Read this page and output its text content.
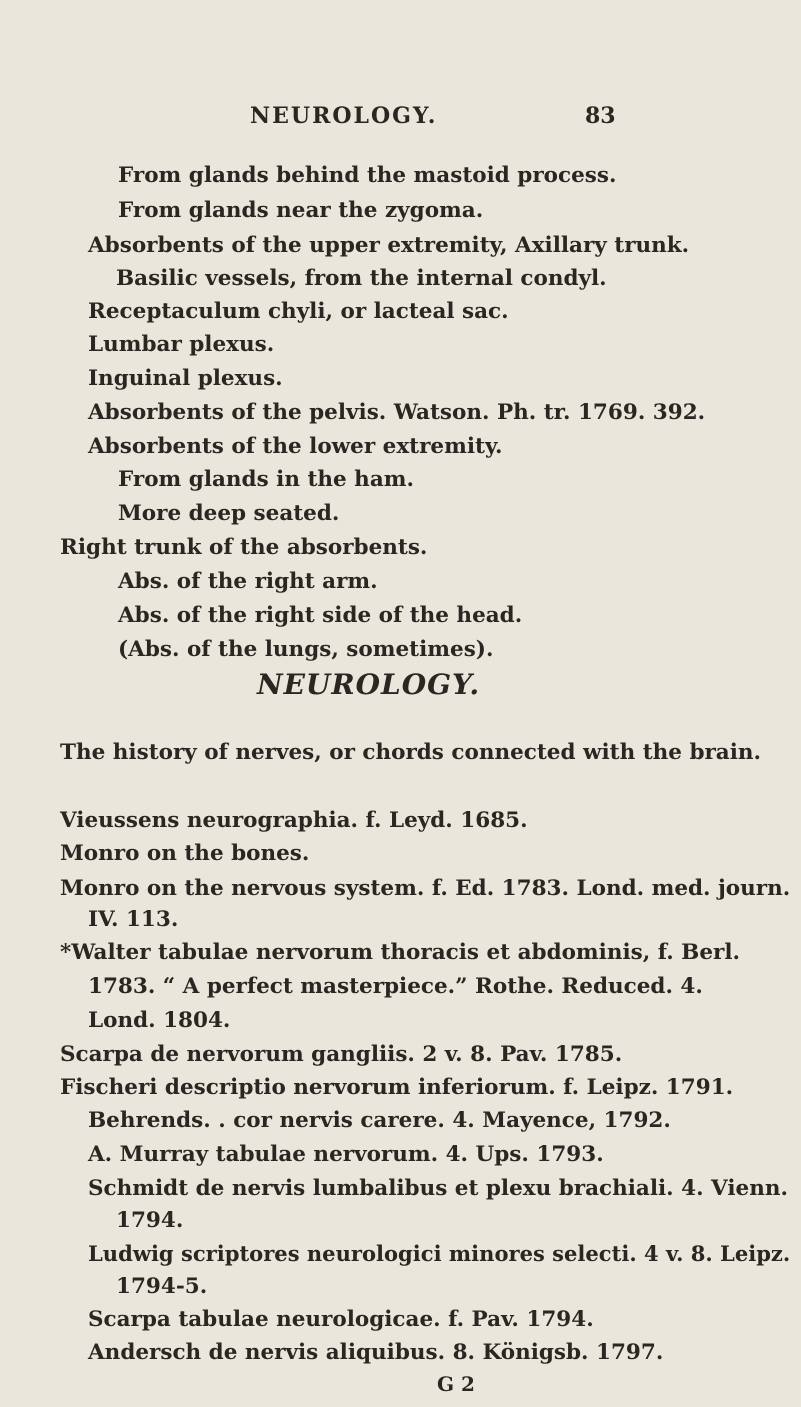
NEUROLOGY.	83
From glands behind the mastoid process.
From glands near the zygoma.
Absorbents of the upper extremity, Axillary trunk.
Basilic vessels, from the internal condyl.
Receptaculum chyli, or lacteal sac.
Lumbar plexus.
Inguinal plexus.
Absorbents of the pelvis. Watson. Ph. tr. 1769. 392.
Absorbents of the lower extremity.
From glands in the ham.
More deep seated.
Right trunk of the absorbents.
Abs. of the right arm.
Abs. of the right side of the head.
(Abs. of the lungs, sometimes).
NEUROLOGY.
The history of nerves, or chords connected with the brain.
Vieussens neurographia. f. Leyd. 1685.
Monro on the bones.
Monro on the nervous system. f. Ed. 1783. Lond. med. journ.
IV. 113.
*Walter tabulae nervorum thoracis et abdominis, f. Berl.
1783. “ A perfect masterpiece.” Rothe. Reduced. 4.
Lond. 1804.
Scarpa de nervorum gangliis. 2 v. 8. Pav. 1785.
Fischeri descriptio nervorum inferiorum. f. Leipz. 1791.
Behrends. . cor nervis carere. 4. Mayence, 1792.
A. Murray tabulae nervorum. 4. Ups. 1793.
Schmidt de nervis lumbalibus et plexu brachiali. 4. Vienn.
1794.
Ludwig scriptores neurologici minores selecti. 4 v. 8. Leipz.
1794-5.
Scarpa tabulae neurologicae. f. Pav. 1794.
Andersch de nervis aliquibus. 8. Königsb. 1797.
G 2
